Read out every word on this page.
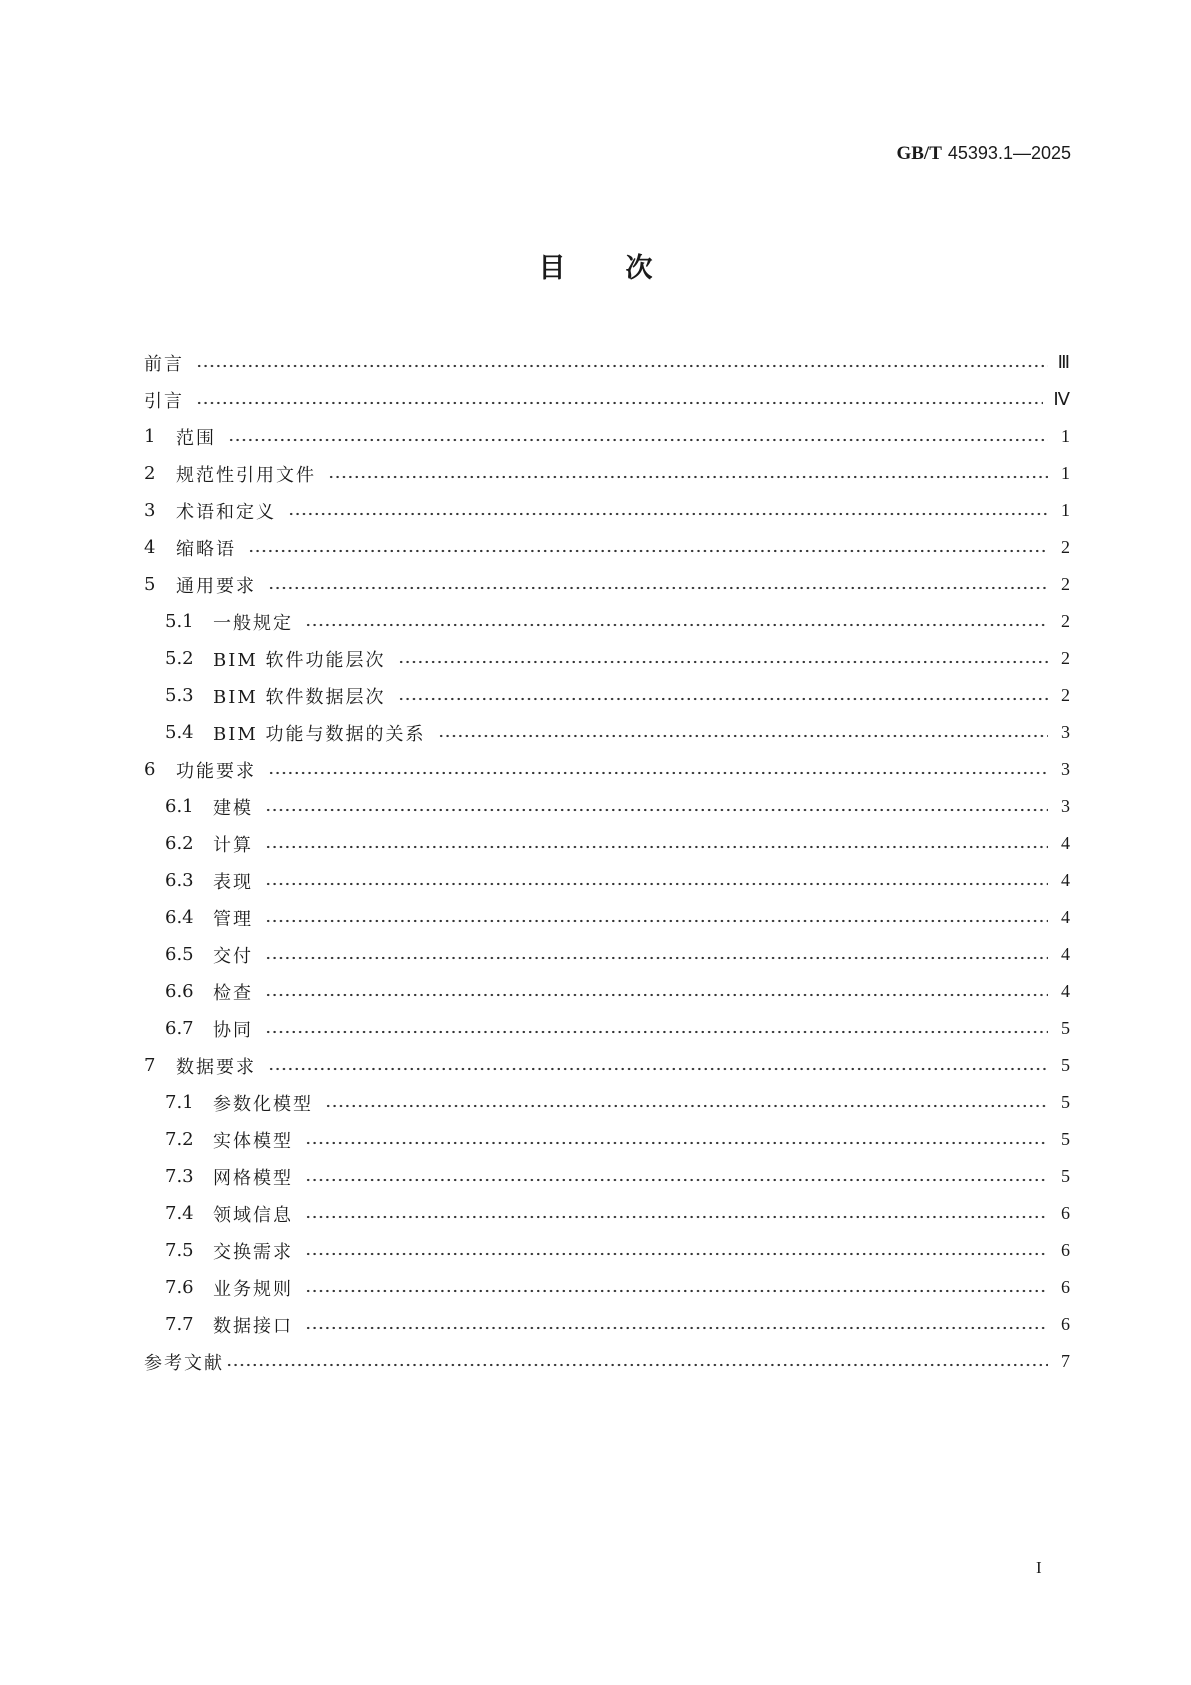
GB/T 45393.1—2025
目次
前言	Ⅲ
引言	Ⅳ
1	范围	1
2	规范性引用文件	1
3	术语和定义	1
4	缩略语	2
5	通用要求	2
5.1	一般规定	2
5.2	BIM 软件功能层次	2
5.3	BIM 软件数据层次	2
5.4	BIM 功能与数据的关系	3
6	功能要求	3
6.1	建模	3
6.2	计算	4
6.3	表现	4
6.4	管理	4
6.5	交付	4
6.6	检查	4
6.7	协同	5
7	数据要求	5
7.1	参数化模型	5
7.2	实体模型	5
7.3	网格模型	5
7.4	领域信息	6
7.5	交换需求	6
7.6	业务规则	6
7.7	数据接口	6
参考文献	7
I
